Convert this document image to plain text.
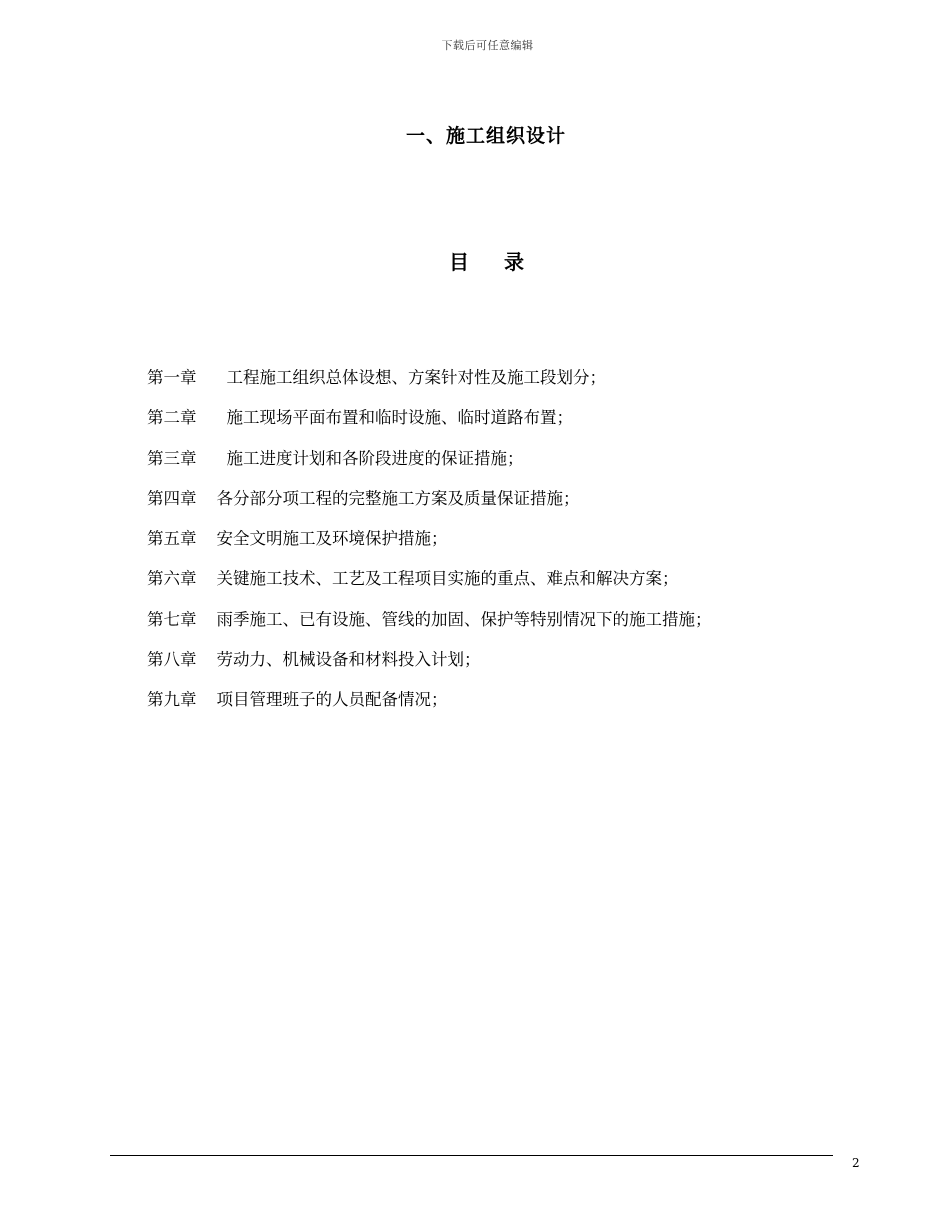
下载后可任意编辑
一、施工组织设计
目 录
第一章 工程施工组织总体设想、方案针对性及施工段划分；
第二章 施工现场平面布置和临时设施、临时道路布置；
第三章 施工进度计划和各阶段进度的保证措施；
第四章 各分部分项工程的完整施工方案及质量保证措施；
第五章 安全文明施工及环境保护措施；
第六章 关键施工技术、工艺及工程项目实施的重点、难点和解决方案；
第七章 雨季施工、已有设施、管线的加固、保护等特别情况下的施工措施；
第八章 劳动力、机械设备和材料投入计划；
第九章 项目管理班子的人员配备情况；
2
